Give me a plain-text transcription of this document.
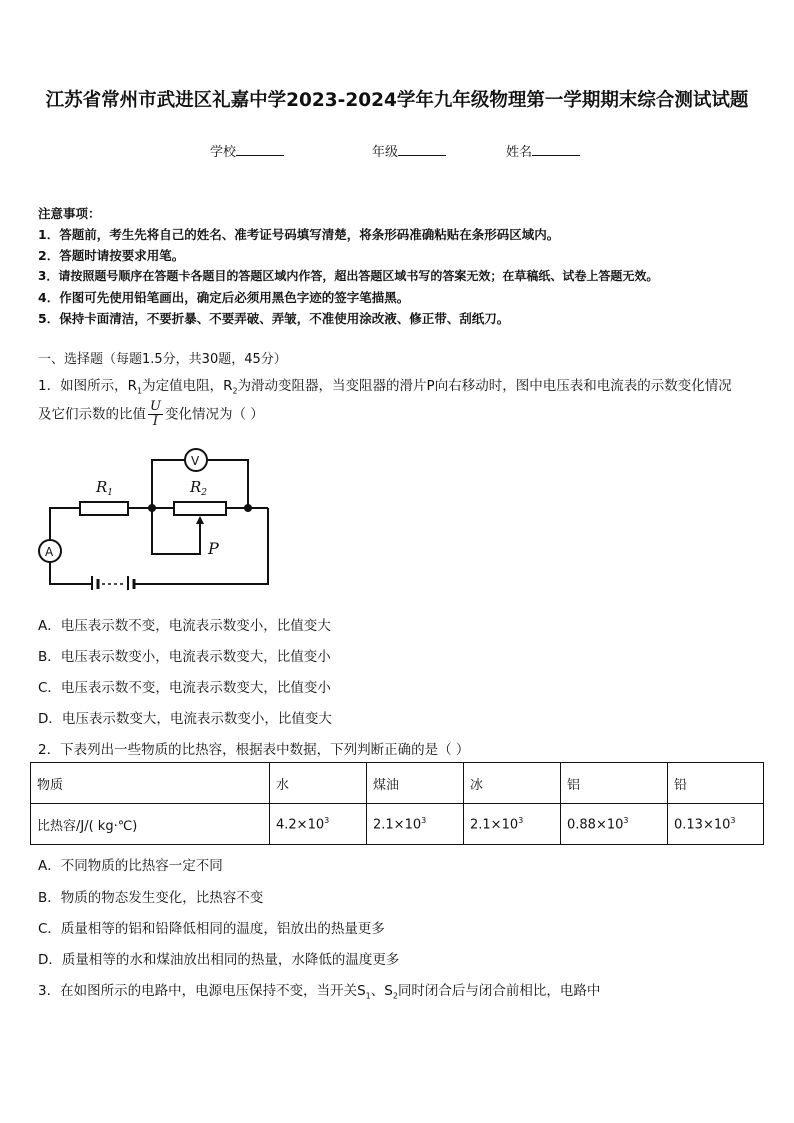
江苏省常州市武进区礼嘉中学2023-2024学年九年级物理第一学期期末综合测试试题
学校	年级	姓名
注意事项：
1．答题前，考生先将自己的姓名、准考证号码填写清楚，将条形码准确粘贴在条形码区域内。
2．答题时请按要求用笔。
3．请按照题号顺序在答题卡各题目的答题区域内作答，超出答题区域书写的答案无效；在草稿纸、试卷上答题无效。
4．作图可先使用铅笔画出，确定后必须用黑色字迹的签字笔描黑。
5．保持卡面清洁，不要折暴、不要弄破、弄皱，不准使用涂改液、修正带、刮纸刀。
一、选择题（每题1.5分，共30题，45分）
1．如图所示，$R_1$为定值电阻，$R_2$为滑动变阻器，当变阻器的滑片P向右移动时，图中电压表和电流表的示数变化情况
及它们示数的比值 $\frac{U}{I}$ 变化情况为（ ）
$R_1$	$R_2$
V
A	P
A．电压表示数不变，电流表示数变小，比值变大
B．电压表示数变小，电流表示数变大，比值变小
C．电压表示数不变，电流表示数变大，比值变小
D．电压表示数变大，电流表示数变小，比值变大
2．下表列出一些物质的比热容，根据表中数据，下列判断正确的是（ ）
物质	水	煤油	冰	铝	铅
比热容/J/( kg·℃)	$4.2\times 10^3$	$2.1\times 10^3$	$2.1\times 10^3$	$0.88\times 10^3$	$0.13\times 10^3$
A．不同物质的比热容一定不同
B．物质的物态发生变化，比热容不变
C．质量相等的铝和铅降低相同的温度，铝放出的热量更多
D．质量相等的水和煤油放出相同的热量，水降低的温度更多
3．在如图所示的电路中，电源电压保持不变，当开关$S_1$、$S_2$同时闭合后与闭合前相比，电路中
